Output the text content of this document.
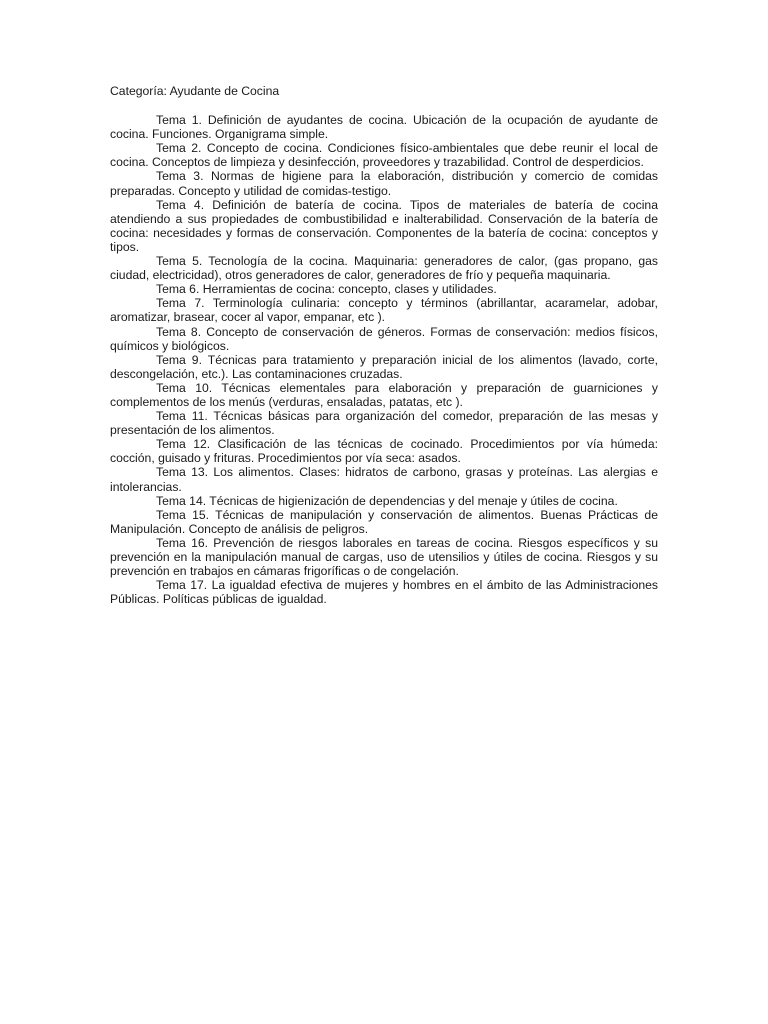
Categoría: Ayudante de Cocina

Tema 1. Definición de ayudantes de cocina. Ubicación de la ocupación de ayudante de cocina. Funciones. Organigrama simple.

Tema 2. Concepto de cocina. Condiciones físico-ambientales que debe reunir el local de cocina. Conceptos de limpieza y desinfección, proveedores y trazabilidad. Control de desperdicios.

Tema 3. Normas de higiene para la elaboración, distribución y comercio de comidas preparadas. Concepto y utilidad de comidas-testigo.

Tema 4. Definición de batería de cocina. Tipos de materiales de batería de cocina atendiendo a sus propiedades de combustibilidad e inalterabilidad. Conservación de la batería de cocina: necesidades y formas de conservación. Componentes de la batería de cocina: conceptos y tipos.

Tema 5. Tecnología de la cocina. Maquinaria: generadores de calor, (gas propano, gas ciudad, electricidad), otros generadores de calor, generadores de frío y pequeña maquinaria.

Tema 6. Herramientas de cocina: concepto, clases y utilidades.

Tema 7. Terminología culinaria: concepto y términos (abrillantar, acaramelar, adobar, aromatizar, brasear, cocer al vapor, empanar, etc ).

Tema 8. Concepto de conservación de géneros. Formas de conservación: medios físicos, químicos y biológicos.

Tema 9. Técnicas para tratamiento y preparación inicial de los alimentos (lavado, corte, descongelación, etc.). Las contaminaciones cruzadas.

Tema 10. Técnicas elementales para elaboración y preparación de guarniciones y complementos de los menús (verduras, ensaladas, patatas, etc ).

Tema 11. Técnicas básicas para organización del comedor, preparación de las mesas y presentación de los alimentos.

Tema 12. Clasificación de las técnicas de cocinado. Procedimientos por vía húmeda: cocción, guisado y frituras. Procedimientos por vía seca: asados.

Tema 13. Los alimentos. Clases: hidratos de carbono, grasas y proteínas. Las alergias e intolerancias.

Tema 14. Técnicas de higienización de dependencias y del menaje y útiles de cocina.

Tema 15. Técnicas de manipulación y conservación de alimentos. Buenas Prácticas de Manipulación. Concepto de análisis de peligros.

Tema 16. Prevención de riesgos laborales en tareas de cocina. Riesgos específicos y su prevención en la manipulación manual de cargas, uso de utensilios y útiles de cocina. Riesgos y su prevención en trabajos en cámaras frigoríficas o de congelación.

Tema 17. La igualdad efectiva de mujeres y hombres en el ámbito de las Administraciones Públicas. Políticas públicas de igualdad.
